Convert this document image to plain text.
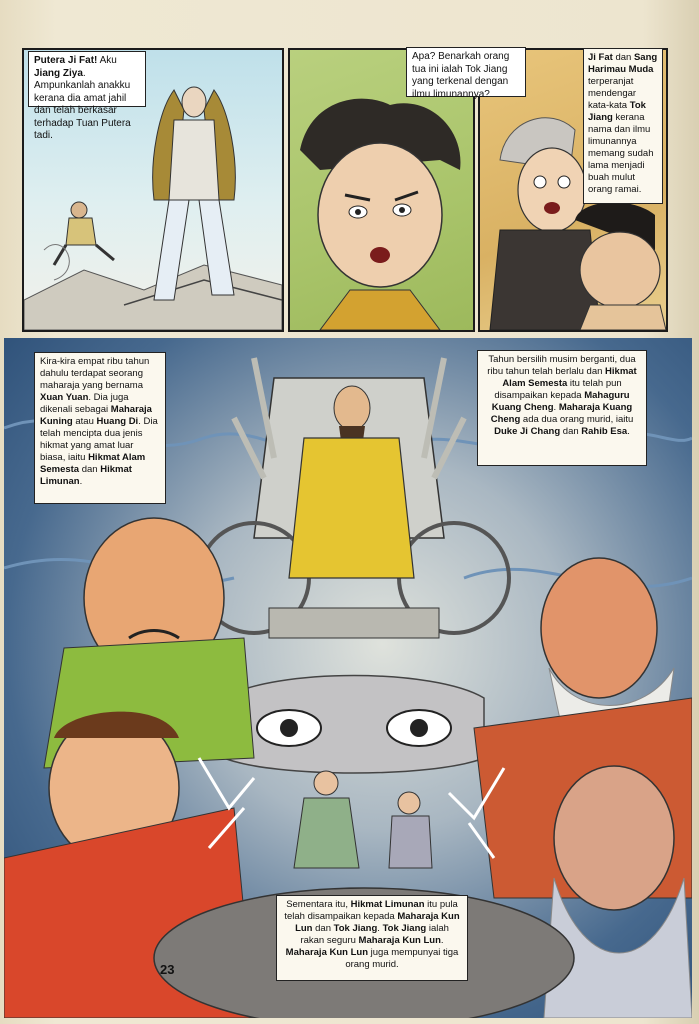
Putera Ji Fat! Aku Jiang Ziya. Ampunkanlah anakku kerana dia amat jahil dan telah berkasar terhadap Tuan Putera tadi.
Apa? Benarkah orang tua ini ialah Tok Jiang yang terkenal dengan ilmu limunannya?
Ji Fat dan Sang Harimau Muda terperanjat mendengar kata-kata Tok Jiang kerana nama dan ilmu limunannya memang sudah lama menjadi buah mulut orang ramai.
Kira-kira empat ribu tahun dahulu terdapat seorang maharaja yang bernama Xuan Yuan. Dia juga dikenali sebagai Maharaja Kuning atau Huang Di. Dia telah mencipta dua jenis hikmat yang amat luar biasa, iaitu Hikmat Alam Semesta dan Hikmat Limunan.
Tahun bersilih musim berganti, dua ribu tahun telah berlalu dan Hikmat Alam Semesta itu telah pun disampaikan kepada Mahaguru Kuang Cheng. Maharaja Kuang Cheng ada dua orang murid, iaitu Duke Ji Chang dan Rahib Esa.
Sementara itu, Hikmat Limunan itu pula telah disampaikan kepada Maharaja Kun Lun dan Tok Jiang. Tok Jiang ialah rakan seguru Maharaja Kun Lun. Maharaja Kun Lun juga mempunyai tiga orang murid.
23
